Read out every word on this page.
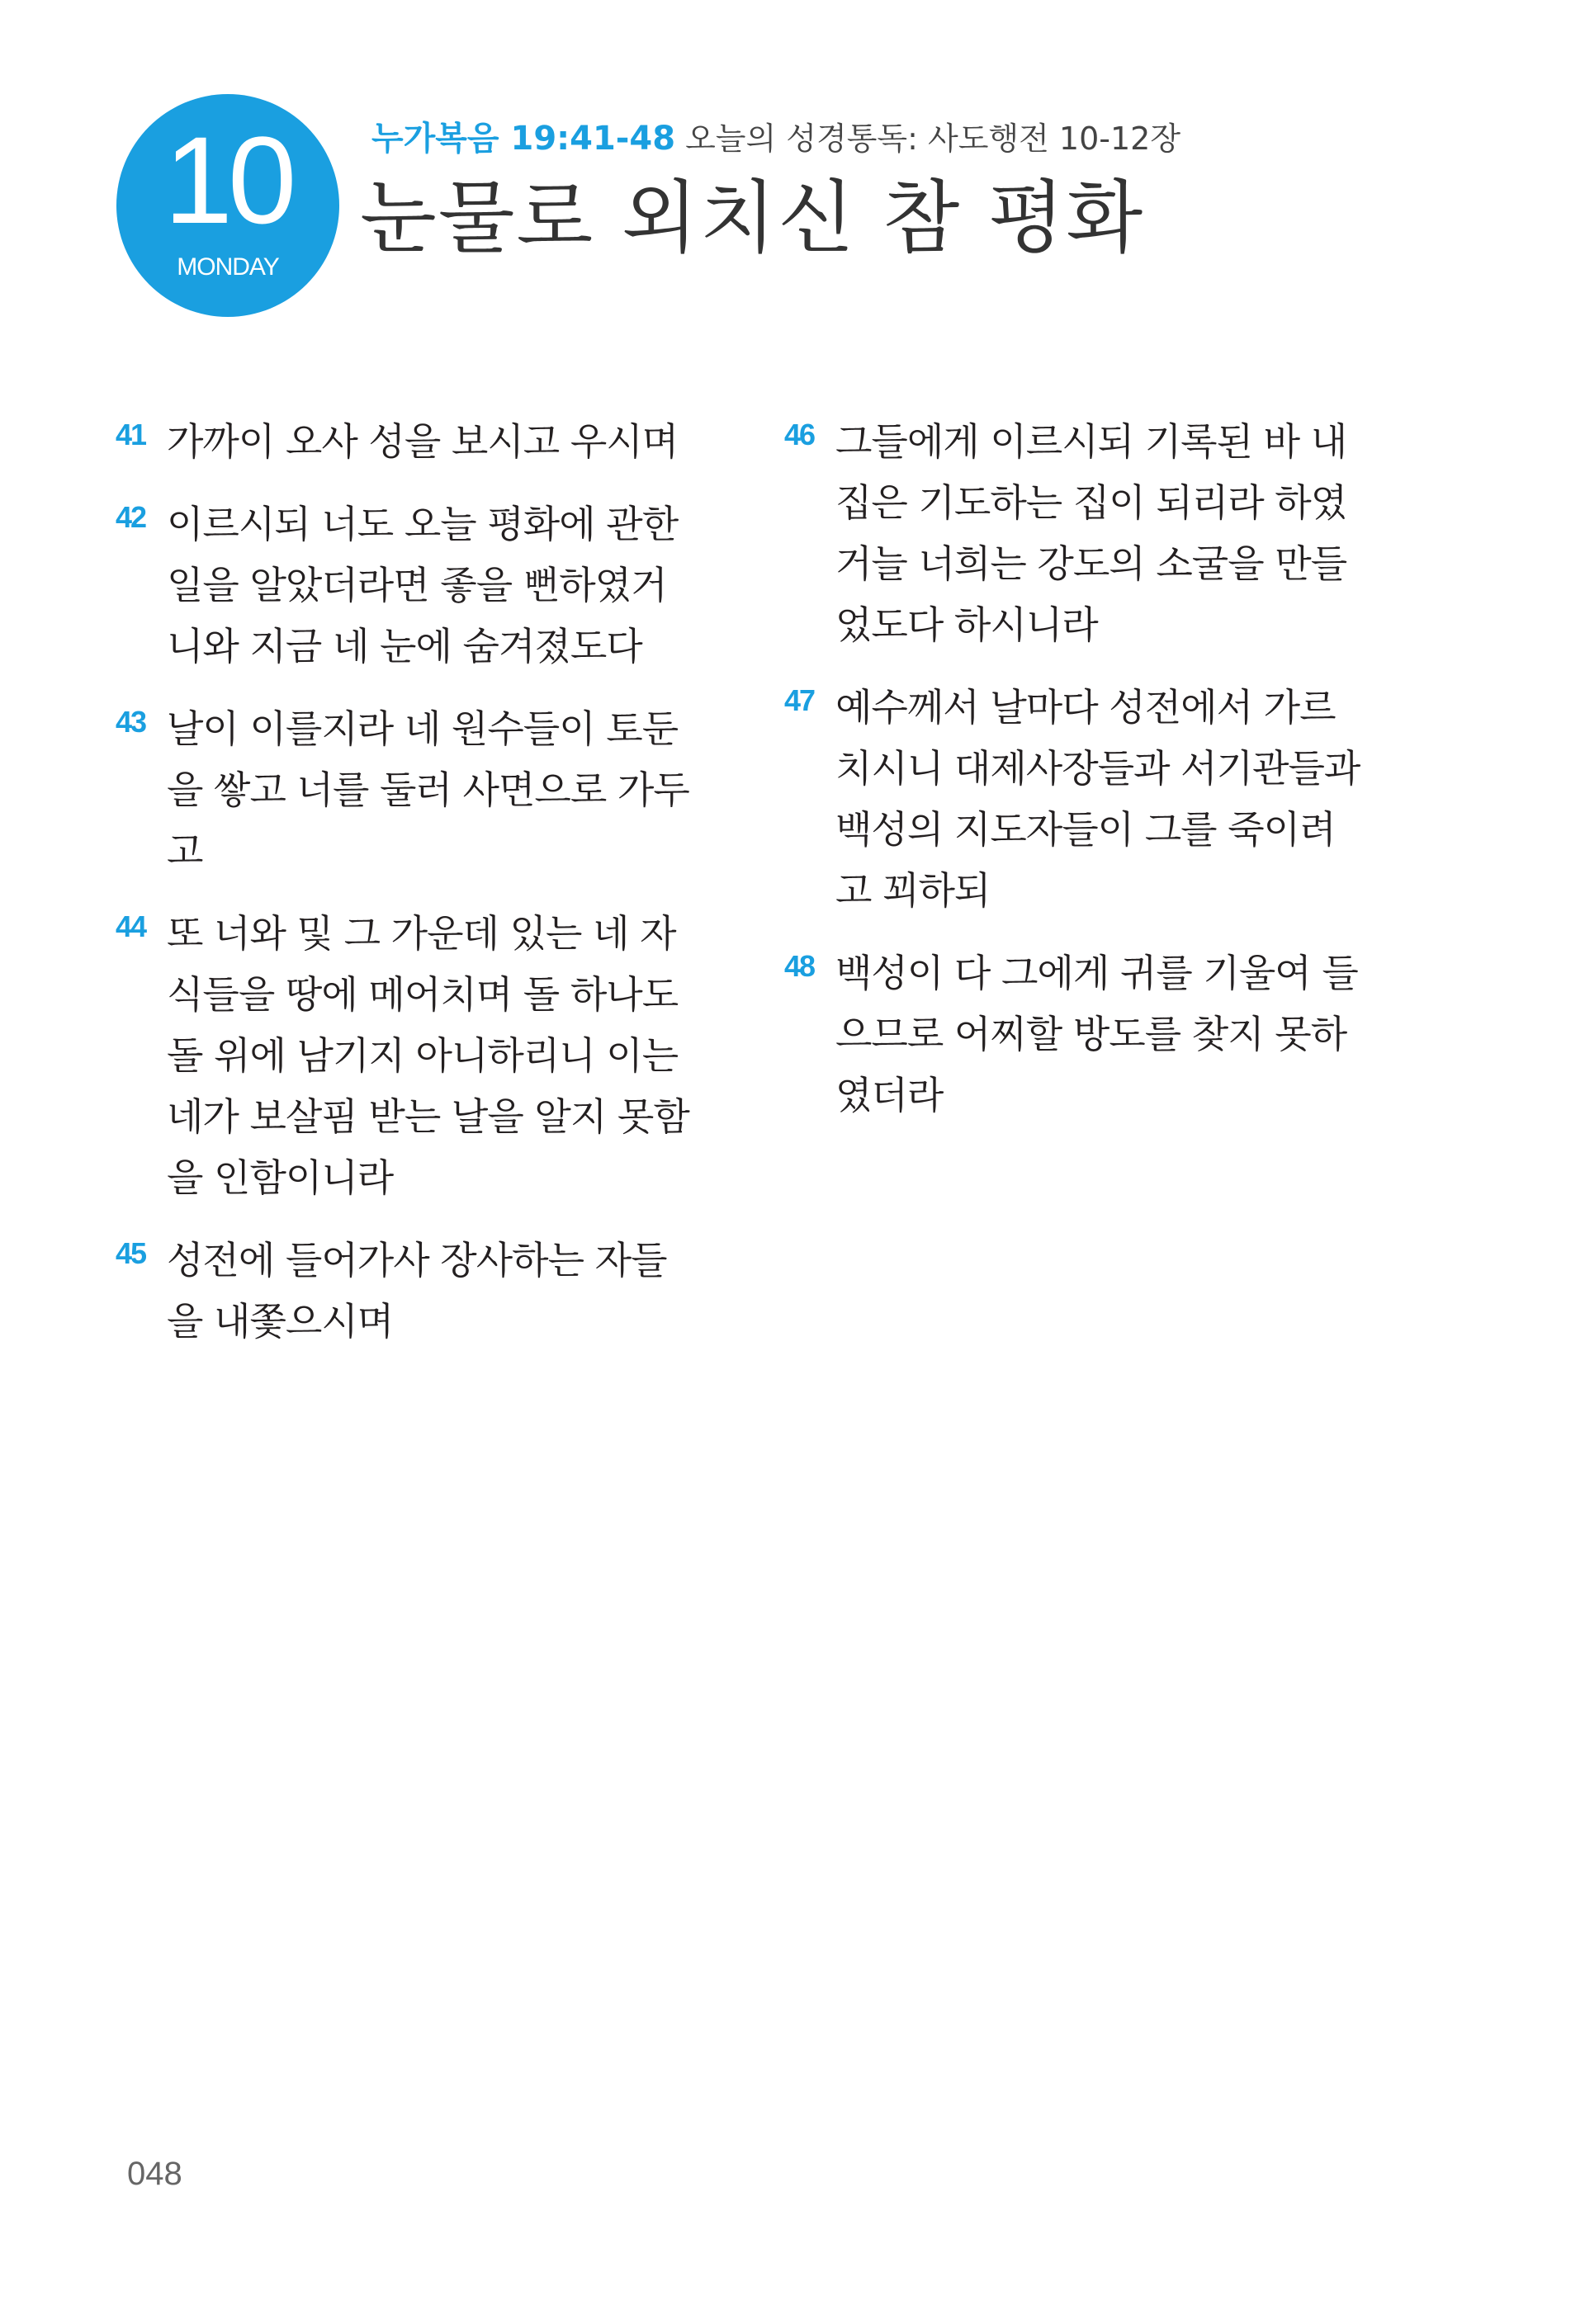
10
MONDAY
누가복음 19:41-48 오늘의 성경통독: 사도행전 10-12장
눈물로 외치신 참 평화
41 가까이 오사 성을 보시고 우시며
42 이르시되 너도 오늘 평화에 관한
일을 알았더라면 좋을 뻔하였거
니와 지금 네 눈에 숨겨졌도다
43 날이 이를지라 네 원수들이 토둔
을 쌓고 너를 둘러 사면으로 가두
고
44 또 너와 및 그 가운데 있는 네 자
식들을 땅에 메어치며 돌 하나도
돌 위에 남기지 아니하리니 이는
네가 보살핌 받는 날을 알지 못함
을 인함이니라
45 성전에 들어가사 장사하는 자들
을 내쫓으시며
46 그들에게 이르시되 기록된 바 내
집은 기도하는 집이 되리라 하였
거늘 너희는 강도의 소굴을 만들
었도다 하시니라
47 예수께서 날마다 성전에서 가르
치시니 대제사장들과 서기관들과
백성의 지도자들이 그를 죽이려
고 꾀하되
48 백성이 다 그에게 귀를 기울여 들
으므로 어찌할 방도를 찾지 못하
였더라
048
